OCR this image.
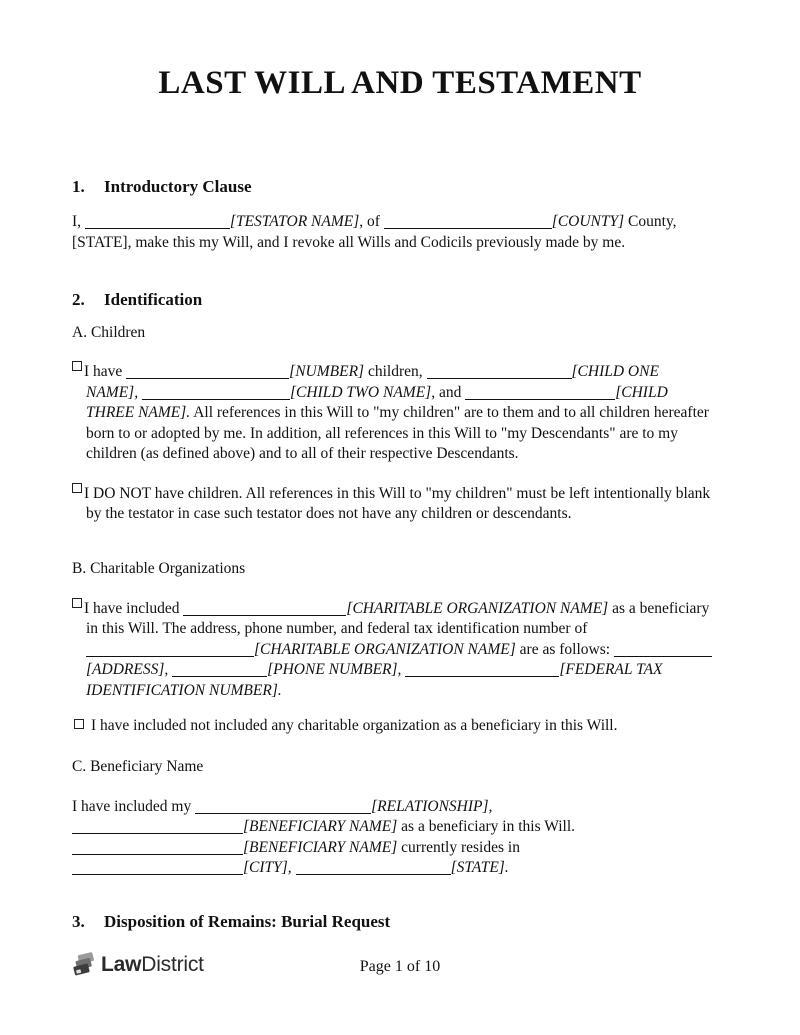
LAST WILL AND TESTAMENT
1. Introductory Clause
I,	[TESTATOR NAME], of	[COUNTY] County,
[STATE], make this my Will, and I revoke all Wills and Codicils previously made by me.
2. Identification
A. Children
I have	[NUMBER] children,	[CHILD ONE
NAME],	[CHILD TWO NAME], and	[CHILD
THREE NAME]. All references in this Will to "my children" are to them and to all children hereafter
born to or adopted by me. In addition, all references in this Will to "my Descendants" are to my
children (as defined above) and to all of their respective Descendants.
I DO NOT have children. All references in this Will to "my children" must be left intentionally blank
by the testator in case such testator does not have any children or descendants.
B. Charitable Organizations
I have included	[CHARITABLE ORGANIZATION NAME] as a beneficiary
in this Will. The address, phone number, and federal tax identification number of
[CHARITABLE ORGANIZATION NAME] are as follows:
[ADDRESS],	[PHONE NUMBER],	[FEDERAL TAX
IDENTIFICATION NUMBER].
I have included not included any charitable organization as a beneficiary in this Will.
C. Beneficiary Name
I have included my	[RELATIONSHIP],
[BENEFICIARY NAME] as a beneficiary in this Will.
[BENEFICIARY NAME] currently resides in
[CITY],	[STATE].
3. Disposition of Remains: Burial Request
Law District	Page 1 of 10
